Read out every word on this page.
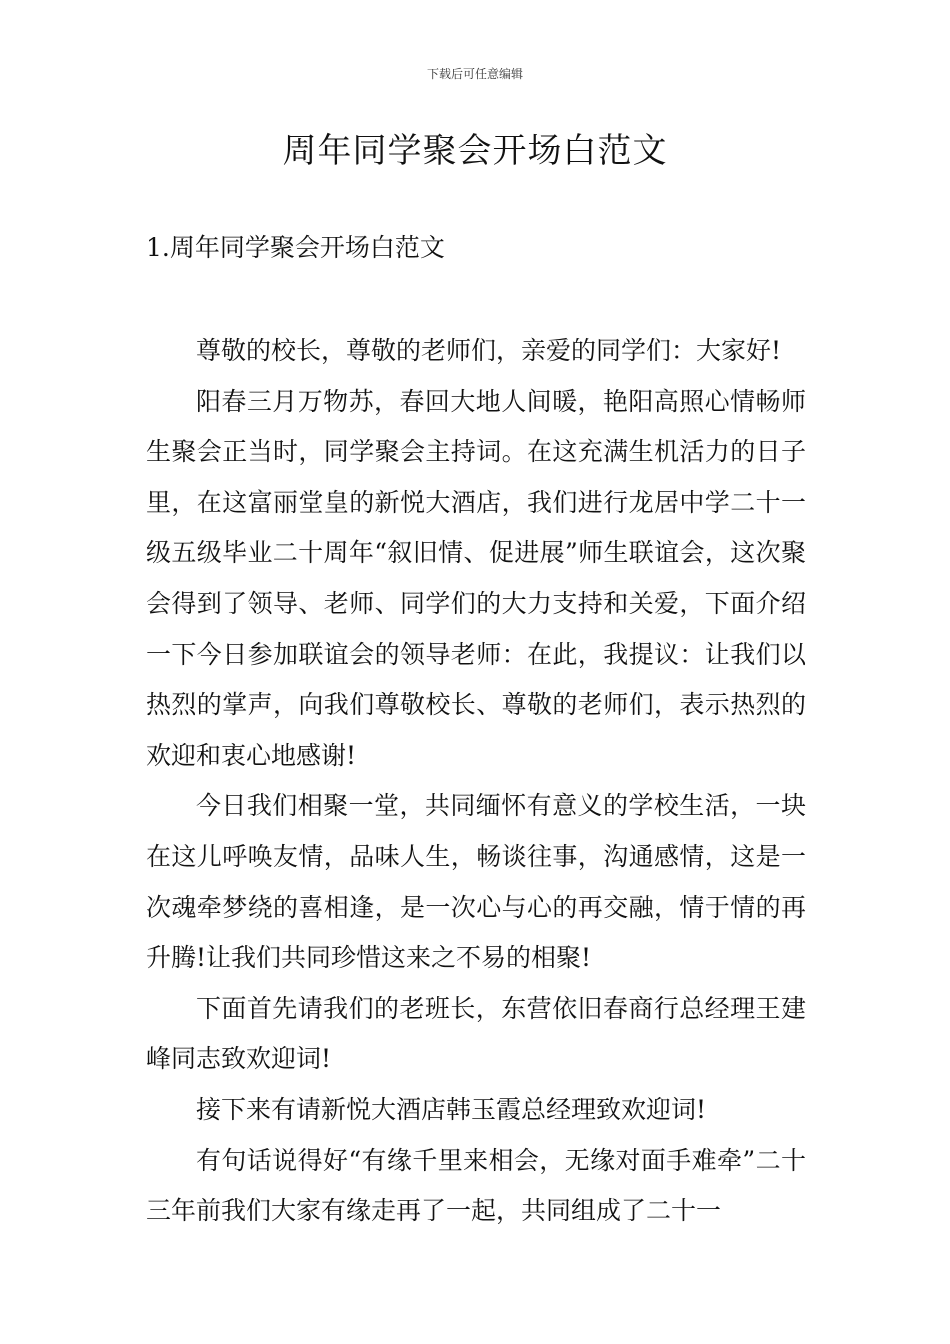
下载后可任意编辑
周年同学聚会开场白范文
1.周年同学聚会开场白范文

尊敬的校长，尊敬的老师们，亲爱的同学们：大家好!

阳春三月万物苏，春回大地人间暖，艳阳高照心情畅师生聚会正当时，同学聚会主持词。在这充满生机活力的日子里，在这富丽堂皇的新悦大酒店，我们进行龙居中学二十一级五级毕业二十周年“叙旧情、促进展”师生联谊会，这次聚会得到了领导、老师、同学们的大力支持和关爱，下面介绍一下今日参加联谊会的领导老师：在此，我提议：让我们以热烈的掌声，向我们尊敬校长、尊敬的老师们，表示热烈的欢迎和衷心地感谢!

今日我们相聚一堂，共同缅怀有意义的学校生活，一块在这儿呼唤友情，品味人生，畅谈往事，沟通感情，这是一次魂牵梦绕的喜相逢，是一次心与心的再交融，情于情的再升腾!让我们共同珍惜这来之不易的相聚!

下面首先请我们的老班长，东营依旧春商行总经理王建峰同志致欢迎词!

接下来有请新悦大酒店韩玉霞总经理致欢迎词!

有句话说得好“有缘千里来相会，无缘对面手难牵”二十三年前我们大家有缘走再了一起，共同组成了二十一
